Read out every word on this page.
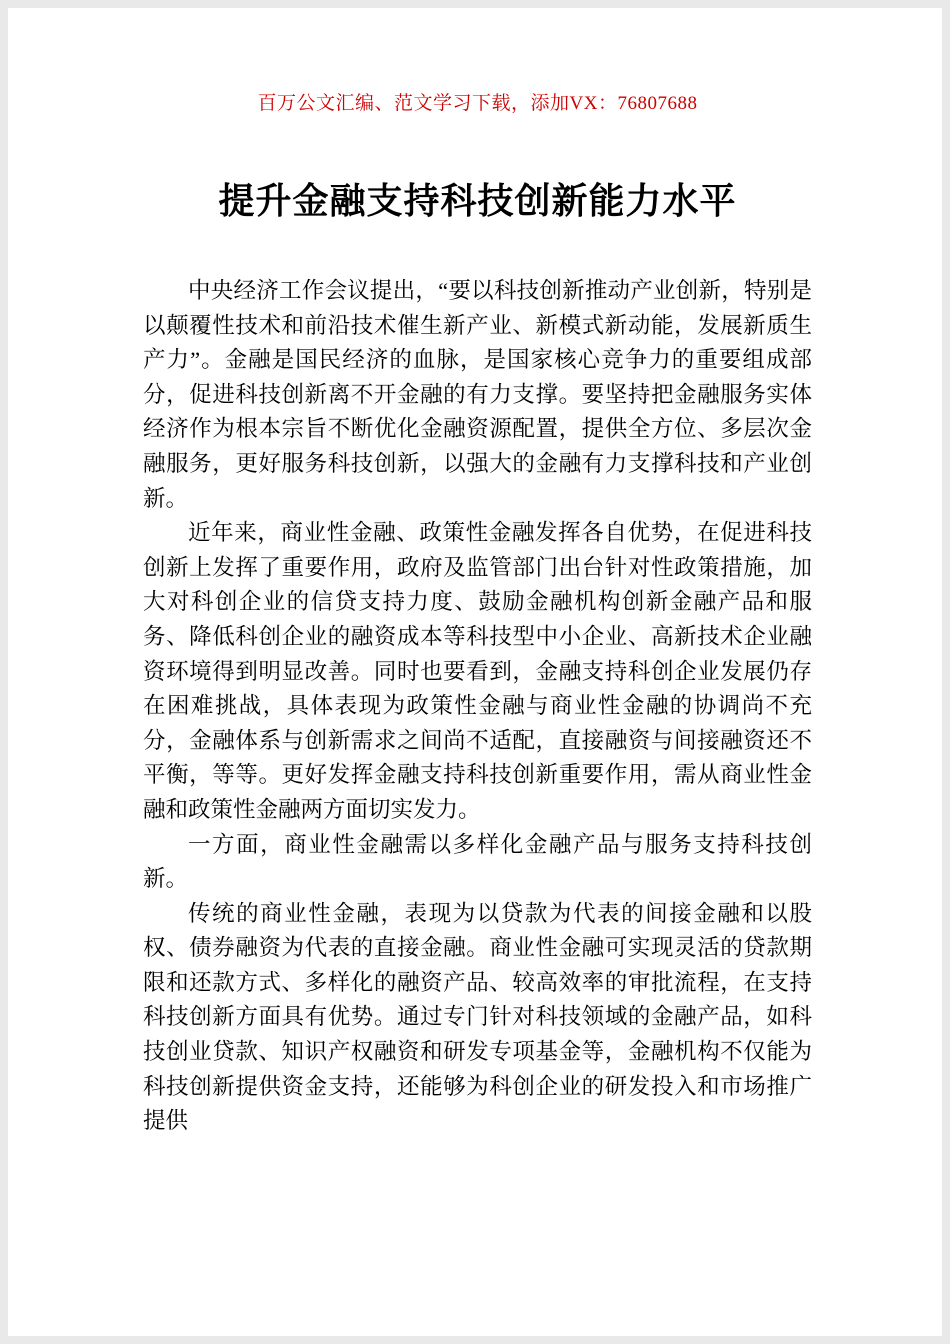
百万公文汇编、范文学习下载，添加VX：76807688

提升金融支持科技创新能力水平

中央经济工作会议提出，“要以科技创新推动产业创新，特别是以颠覆性技术和前沿技术催生新产业、新模式新动能，发展新质生产力”。金融是国民经济的血脉，是国家核心竞争力的重要组成部分，促进科技创新离不开金融的有力支撑。要坚持把金融服务实体经济作为根本宗旨不断优化金融资源配置，提供全方位、多层次金融服务，更好服务科技创新，以强大的金融有力支撑科技和产业创新。

近年来，商业性金融、政策性金融发挥各自优势，在促进科技创新上发挥了重要作用，政府及监管部门出台针对性政策措施，加大对科创企业的信贷支持力度、鼓励金融机构创新金融产品和服务、降低科创企业的融资成本等科技型中小企业、高新技术企业融资环境得到明显改善。同时也要看到，金融支持科创企业发展仍存在困难挑战，具体表现为政策性金融与商业性金融的协调尚不充分，金融体系与创新需求之间尚不适配，直接融资与间接融资还不平衡，等等。更好发挥金融支持科技创新重要作用，需从商业性金融和政策性金融两方面切实发力。

一方面，商业性金融需以多样化金融产品与服务支持科技创新。

传统的商业性金融，表现为以贷款为代表的间接金融和以股权、债券融资为代表的直接金融。商业性金融可实现灵活的贷款期限和还款方式、多样化的融资产品、较高效率的审批流程，在支持科技创新方面具有优势。通过专门针对科技领域的金融产品，如科技创业贷款、知识产权融资和研发专项基金等，金融机构不仅能为科技创新提供资金支持，还能够为科创企业的研发投入和市场推广提供
